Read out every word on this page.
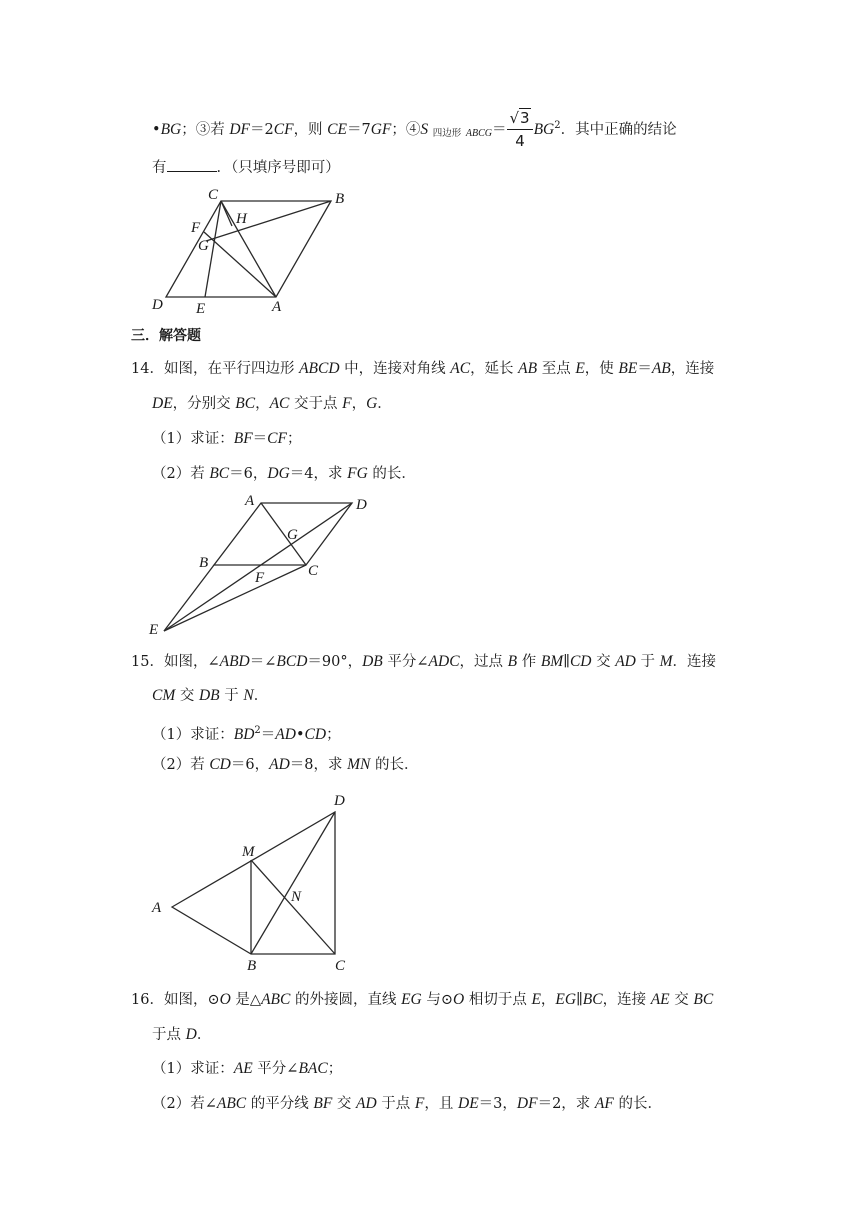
•BG；③若 DF＝2CF，则 CE＝7GF；④S 四边形 ABCG＝ $\frac{√3}{4} BG^2$．其中正确的结论
有	．（只填序号即可）
C	B
H
F
G
D E	A
三．解答题
14．如图，在平行四边形 ABCD 中，连接对角线 AC，延长 AB 至点 E，使 BE＝AB，连接
DE，分别交 BC，AC 交于点 F，G．
（1）求证：BF＝CF；
（2）若 BC＝6，DG＝4，求 FG 的长．
A	D
G
B	C
F
E
15．如图，∠ABD＝∠BCD＝90°，DB 平分∠ADC，过点 B 作 BM∥CD 交 AD 于 M．连接
CM 交 DB 于 N．
（1）求证：$BD^2=AD•CD$；
（2）若 CD＝6，AD＝8，求 MN 的长．
D
M
N
A
B	C
16．如图，⊙O 是△ABC 的外接圆，直线 EG 与⊙O 相切于点 E，EG∥BC，连接 AE 交 BC
于点 D．
（1）求证：AE 平分∠BAC；
（2）若∠ABC 的平分线 BF 交 AD 于点 F，且 DE＝3，DF＝2，求 AF 的长．
